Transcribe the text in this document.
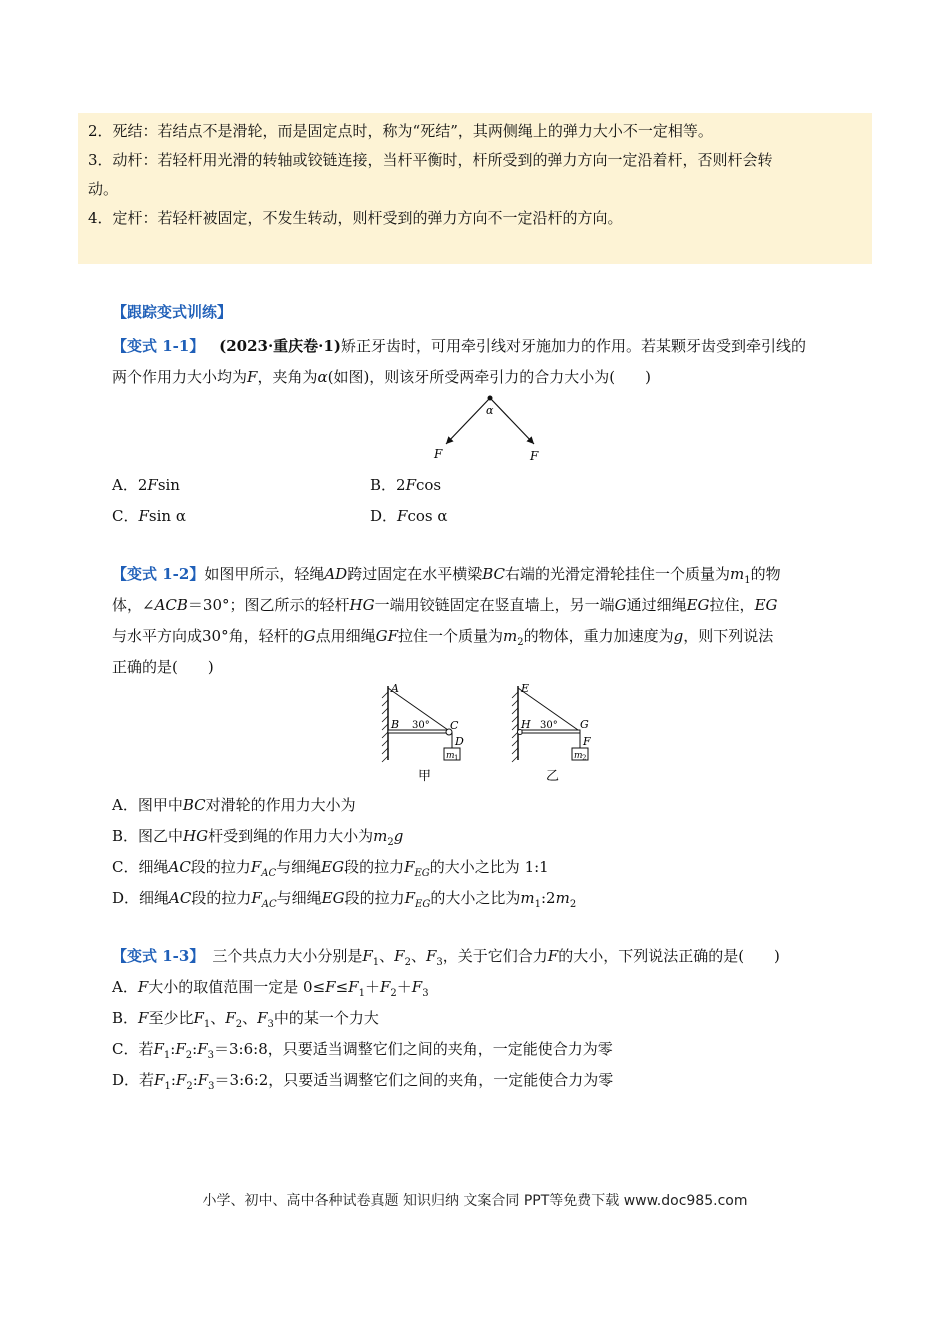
2．死结：若结点不是滑轮，而是固定点时，称为“死结”，其两侧绳上的弹力大小不一定相等。

3．动杆：若轻杆用光滑的转轴或铰链连接，当杆平衡时，杆所受到的弹力方向一定沿着杆，否则杆会转

动。

4．定杆：若轻杆被固定，不发生转动，则杆受到的弹力方向不一定沿杆的方向。

【跟踪变式训练】
【变式 1-1】 (2023·重庆卷·1)矫正牙齿时，可用牵引线对牙施加力的作用。若某颗牙齿受到牵引线的
两个作用力大小均为F，夹角为α(如图)，则该牙所受两牵引力的合力大小为(　　)
α
F	F
A．2Fsin	B．2Fcos
C．Fsin α	D．Fcos α
【变式 1-2】如图甲所示，轻绳AD跨过固定在水平横梁BC右端的光滑定滑轮挂住一个质量为$m_1$的物
体，∠ACB＝30°；图乙所示的轻杆HG一端用铰链固定在竖直墙上，另一端G通过细绳EG拉住，EG
与水平方向成30°角，轻杆的G点用细绳GF拉住一个质量为$m_2$的物体，重力加速度为g，则下列说法
正确的是(　　)
A
B	C
D
30°
m 1
甲
E
H	G
F
30°
m 2
乙
A．图甲中BC对滑轮的作用力大小为
B．图乙中HG杆受到绳的作用力大小为$m_2g$
C．细绳AC段的拉力$F_{AC}$与细绳EG段的拉力$F_{EG}$的大小之比为 1:1
D．细绳AC段的拉力$F_{AC}$与细绳EG段的拉力$F_{EG}$的大小之比为$m_1:2m_2$
【变式 1-3】 三个共点力大小分别是$F_1$、$F_2$、$F_3$，关于它们合力F的大小，下列说法正确的是(　　)
A．F大小的取值范围一定是 $0\le F\le F_1+F_2+F_3$
B．F至少比$F_1$、$F_2$、$F_3$中的某一个力大
C．若$F_1:F_2:F_3=3:6:8$，只要适当调整它们之间的夹角，一定能使合力为零
D．若$F_1:F_2:F_3=3:6:2$，只要适当调整它们之间的夹角，一定能使合力为零
小学、初中、高中各种试卷真题 知识归纳 文案合同 PPT等免费下载 www.doc985.com
